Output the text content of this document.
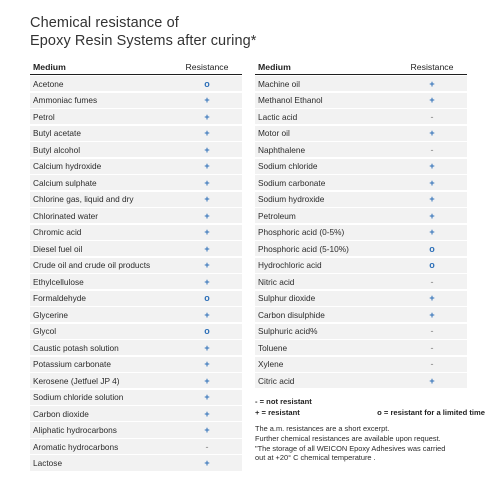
Chemical resistance of
Epoxy Resin Systems after curing*
Medium	Resistance
Acetone	o
Ammoniac fumes	+
Petrol	+
Butyl acetate	+
Butyl alcohol	+
Calcium hydroxide	+
Calcium sulphate	+
Chlorine gas, liquid and dry	+
Chlorinated water	+
Chromic acid	+
Diesel fuel oil	+
Crude oil and crude oil products	+
Ethylcellulose	+
Formaldehyde	o
Glycerine	+
Glycol	o
Caustic potash solution	+
Potassium carbonate	+
Kerosene (Jetfuel JP 4)	+
Sodium chloride solution	+
Carbon dioxide	+
Aliphatic hydrocarbons	+
Aromatic hydrocarbons	-
Lactose	+
Medium	Resistance
Machine oil	+
Methanol Ethanol	+
Lactic acid	-
Motor oil	+
Naphthalene	-
Sodium chloride	+
Sodium carbonate	+
Sodium hydroxide	+
Petroleum	+
Phosphoric acid (0-5%)	+
Phosphoric acid (5-10%)	o
Hydrochloric acid	o
Nitric acid	-
Sulphur dioxide	+
Carbon disulphide	+
Sulphuric acid%	-
Toluene	-
Xylene	-
Citric acid	+
- = not resistant
+ = resistant	o = resistant for a limited time
The a.m. resistances are a short excerpt.
Further chemical resistances are available upon request.
"The storage of all WEICON Epoxy Adhesives was carried
out at +20° C chemical temperature .
